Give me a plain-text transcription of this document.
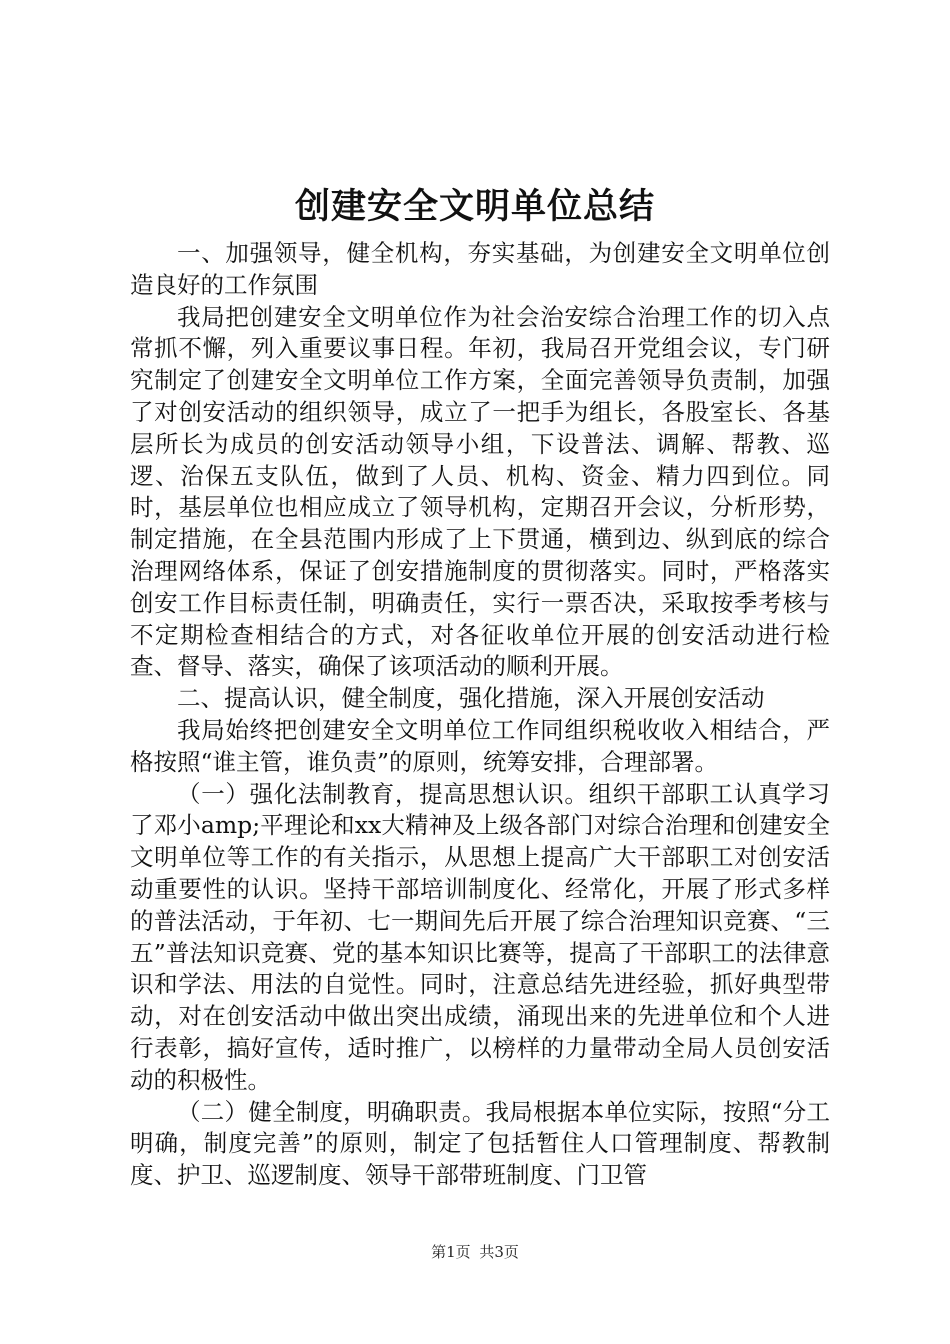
创建安全文明单位总结

一、加强领导，健全机构，夯实基础，为创建安全文明单位创造良好的工作氛围

我局把创建安全文明单位作为社会治安综合治理工作的切入点常抓不懈，列入重要议事日程。年初，我局召开党组会议，专门研究制定了创建安全文明单位工作方案，全面完善领导负责制，加强了对创安活动的组织领导，成立了一把手为组长，各股室长、各基层所长为成员的创安活动领导小组，下设普法、调解、帮教、巡逻、治保五支队伍，做到了人员、机构、资金、精力四到位。同时，基层单位也相应成立了领导机构，定期召开会议，分析形势，制定措施，在全县范围内形成了上下贯通，横到边、纵到底的综合治理网络体系，保证了创安措施制度的贯彻落实。同时，严格落实创安工作目标责任制，明确责任，实行一票否决，采取按季考核与不定期检查相结合的方式，对各征收单位开展的创安活动进行检查、督导、落实，确保了该项活动的顺利开展。

二、提高认识，健全制度，强化措施，深入开展创安活动

我局始终把创建安全文明单位工作同组织税收收入相结合，严格按照“谁主管，谁负责”的原则，统筹安排，合理部署。

（一）强化法制教育，提高思想认识。组织干部职工认真学习了邓小amp;平理论和xx大精神及上级各部门对综合治理和创建安全文明单位等工作的有关指示，从思想上提高广大干部职工对创安活动重要性的认识。坚持干部培训制度化、经常化，开展了形式多样的普法活动，于年初、七一期间先后开展了综合治理知识竞赛、“三五”普法知识竞赛、党的基本知识比赛等，提高了干部职工的法律意识和学法、用法的自觉性。同时，注意总结先进经验，抓好典型带动，对在创安活动中做出突出成绩，涌现出来的先进单位和个人进行表彰，搞好宣传，适时推广，以榜样的力量带动全局人员创安活动的积极性。

（二）健全制度，明确职责。我局根据本单位实际，按照“分工明确，制度完善”的原则，制定了包括暂住人口管理制度、帮教制度、护卫、巡逻制度、领导干部带班制度、门卫管

第1页 共3页
